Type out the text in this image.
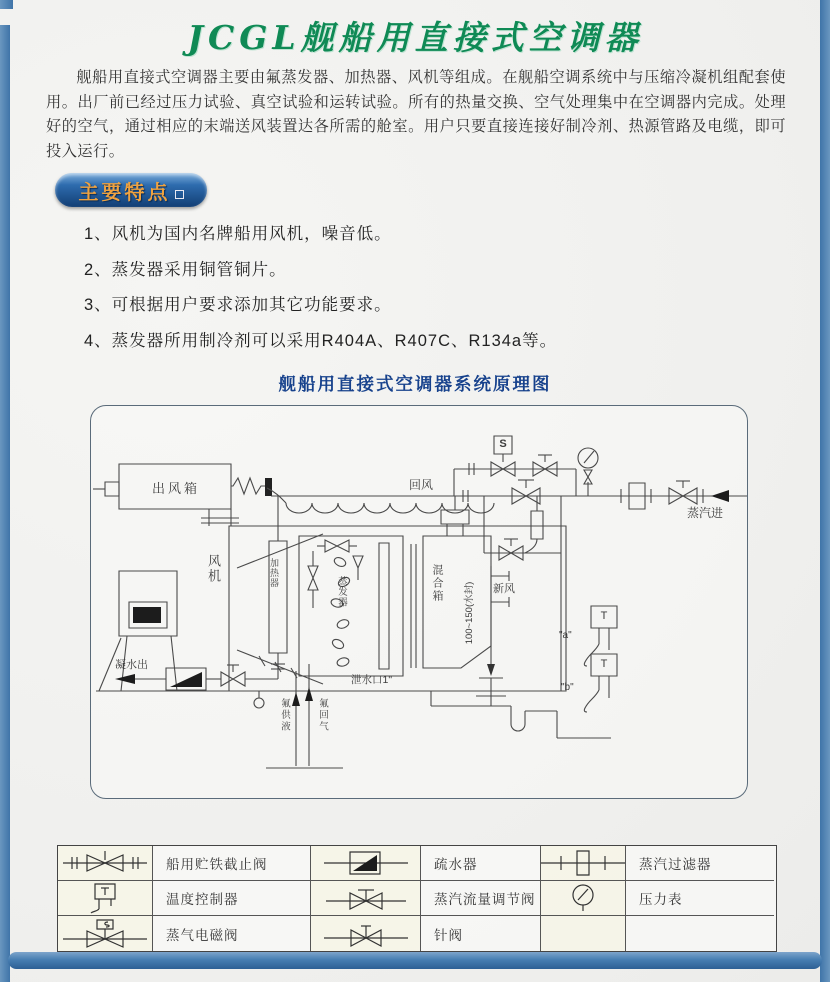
JCGL舰船用直接式空调器
舰船用直接式空调器主要由氟蒸发器、加热器、风机等组成。在舰船空调系统中与压缩冷凝机组配套使用。出厂前已经过压力试验、真空试验和运转试验。所有的热量交换、空气处理集中在空调器内完成。处理好的空气，通过相应的末端送风装置达各所需的舱室。用户只要直接连接好制冷剂、热源管路及电缆，即可投入运行。
主要特点
1、风机为国内名牌船用风机，噪音低。
2、蒸发器采用铜管铜片。
3、可根据用户要求添加其它功能要求。
4、蒸发器所用制冷剂可以采用R404A、R407C、R134a等。
舰船用直接式空调器系统原理图
出风箱
风机	加热器
蒸发器	混合箱	新风
回风
蒸汽进
凝水出
泄水口1"
氟供液	氟回气
100~150(水封)
S
T
T
"a"
"b"
船用贮铁截止阀	疏水器	蒸汽过滤器
温度控制器	蒸汽流量调节阀	压力表
蒸气电磁阀	针阀
